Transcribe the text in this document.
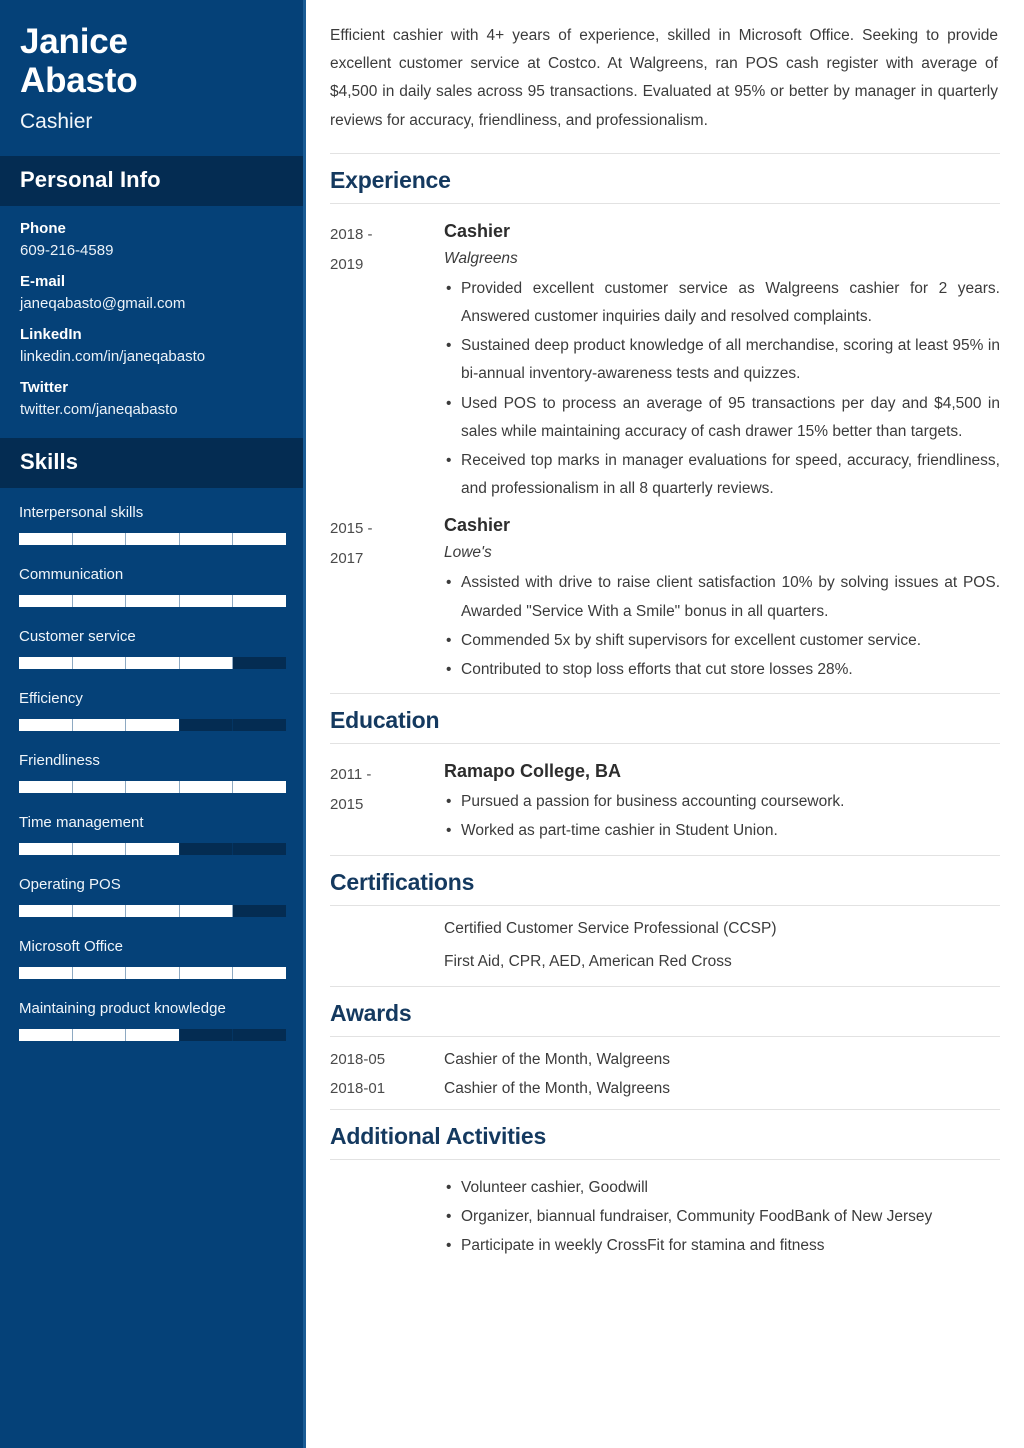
Janice
Abasto
Cashier
Personal Info
Phone
609-216-4589
E-mail
janeqabasto@gmail.com
LinkedIn
linkedin.com/in/janeqabasto
Twitter
twitter.com/janeqabasto
Skills
Interpersonal skills
Communication
Customer service
Efficiency
Friendliness
Time management
Operating POS
Microsoft Office
Maintaining product knowledge

Efficient cashier with 4+ years of experience, skilled in Microsoft Office. Seeking to provide excellent customer service at Costco. At Walgreens, ran POS cash register with average of $4,500 in daily sales across 95 transactions. Evaluated at 95% or better by manager in quarterly reviews for accuracy, friendliness, and professionalism.

Experience
2018 -
2019
Cashier
Walgreens
• Provided excellent customer service as Walgreens cashier for 2 years. Answered customer inquiries daily and resolved complaints.
• Sustained deep product knowledge of all merchandise, scoring at least 95% in bi-annual inventory-awareness tests and quizzes.
• Used POS to process an average of 95 transactions per day and $4,500 in sales while maintaining accuracy of cash drawer 15% better than targets.
• Received top marks in manager evaluations for speed, accuracy, friendliness, and professionalism in all 8 quarterly reviews.
2015 -
2017
Cashier
Lowe's
• Assisted with drive to raise client satisfaction 10% by solving issues at POS. Awarded "Service With a Smile" bonus in all quarters.
• Commended 5x by shift supervisors for excellent customer service.
• Contributed to stop loss efforts that cut store losses 28%.
Education
2011 -
2015
Ramapo College, BA
• Pursued a passion for business accounting coursework.
• Worked as part-time cashier in Student Union.
Certifications
Certified Customer Service Professional (CCSP)
First Aid, CPR, AED, American Red Cross
Awards
2018-05	Cashier of the Month, Walgreens
2018-01	Cashier of the Month, Walgreens
Additional Activities
• Volunteer cashier, Goodwill
• Organizer, biannual fundraiser, Community FoodBank of New Jersey
• Participate in weekly CrossFit for stamina and fitness
